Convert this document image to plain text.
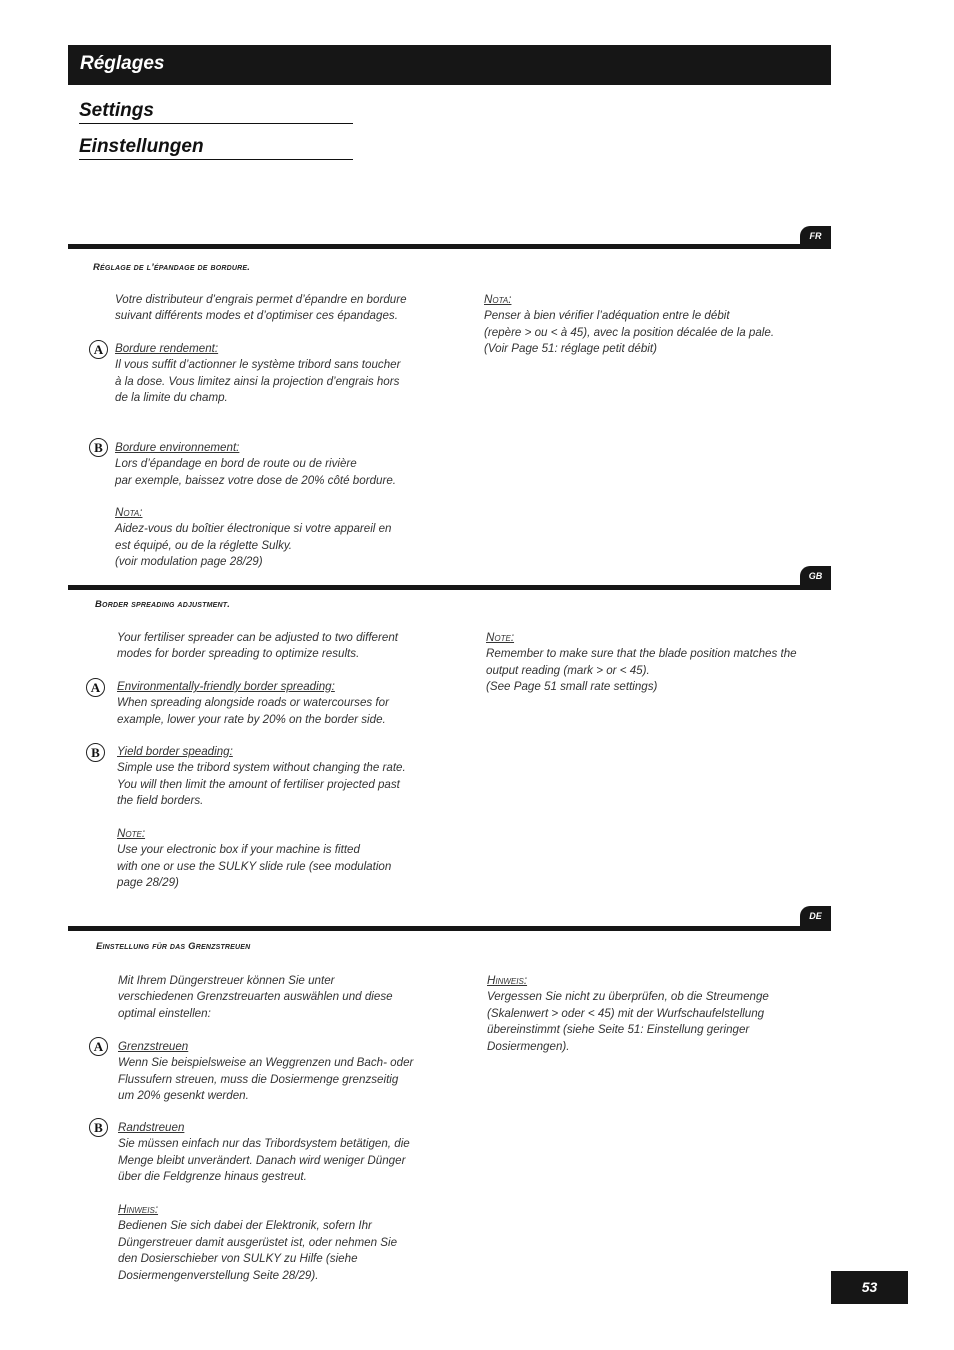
Réglages
Settings
Einstellungen
FR
Réglage de l’épandage de bordure.
Votre distributeur d’engrais permet d’épandre en bordure
suivant différents modes et d’optimiser ces épandages.
A	Bordure rendement:
Il vous suffit d’actionner le système tribord sans toucher
à la dose. Vous limitez ainsi la projection d’engrais hors
de la limite du champ.
B	Bordure environnement:
Lors d’épandage en bord de route ou de rivière
par exemple, baissez votre dose de 20% côté bordure.
Nota:
Aidez-vous du boîtier électronique si votre appareil en
est équipé, ou de la réglette Sulky.
(voir modulation page 28/29)
Nota:
Penser à bien vérifier l’adéquation entre le débit
(repère > ou < à 45), avec la position décalée de la pale.
(Voir Page 51: réglage petit débit)
GB
Border spreading adjustment.
Your fertiliser spreader can be adjusted to two different
modes for border spreading to optimize results.
A	Environmentally-friendly border spreading:
When spreading alongside roads or watercourses for
example, lower your rate by 20% on the border side.
B	Yield border speading:
Simple use the tribord system without changing the rate.
You will then limit the amount of fertiliser projected past
the field borders.
Note:
Use your electronic box if your machine is fitted
with one or use the SULKY slide rule (see modulation
page 28/29)
Note:
Remember to make sure that the blade position matches the
output reading (mark > or < 45).
(See Page 51 small rate settings)
DE
Einstellung für das Grenzstreuen
Mit Ihrem Düngerstreuer können Sie unter
verschiedenen Grenzstreuarten auswählen und diese
optimal einstellen:
A	Grenzstreuen
Wenn Sie beispielsweise an Weggrenzen und Bach- oder
Flussufern streuen, muss die Dosiermenge grenzseitig
um 20% gesenkt werden.
B	Randstreuen
Sie müssen einfach nur das Tribordsystem betätigen, die
Menge bleibt unverändert. Danach wird weniger Dünger
über die Feldgrenze hinaus gestreut.
Hinweis:
Bedienen Sie sich dabei der Elektronik, sofern Ihr
Düngerstreuer damit ausgerüstet ist, oder nehmen Sie
den Dosierschieber von SULKY zu Hilfe (siehe
Dosiermengenverstellung Seite 28/29).
Hinweis:
Vergessen Sie nicht zu überprüfen, ob die Streumenge
(Skalenwert > oder < 45) mit der Wurfschaufelstellung
übereinstimmt (siehe Seite 51: Einstellung geringer
Dosiermengen).
53
